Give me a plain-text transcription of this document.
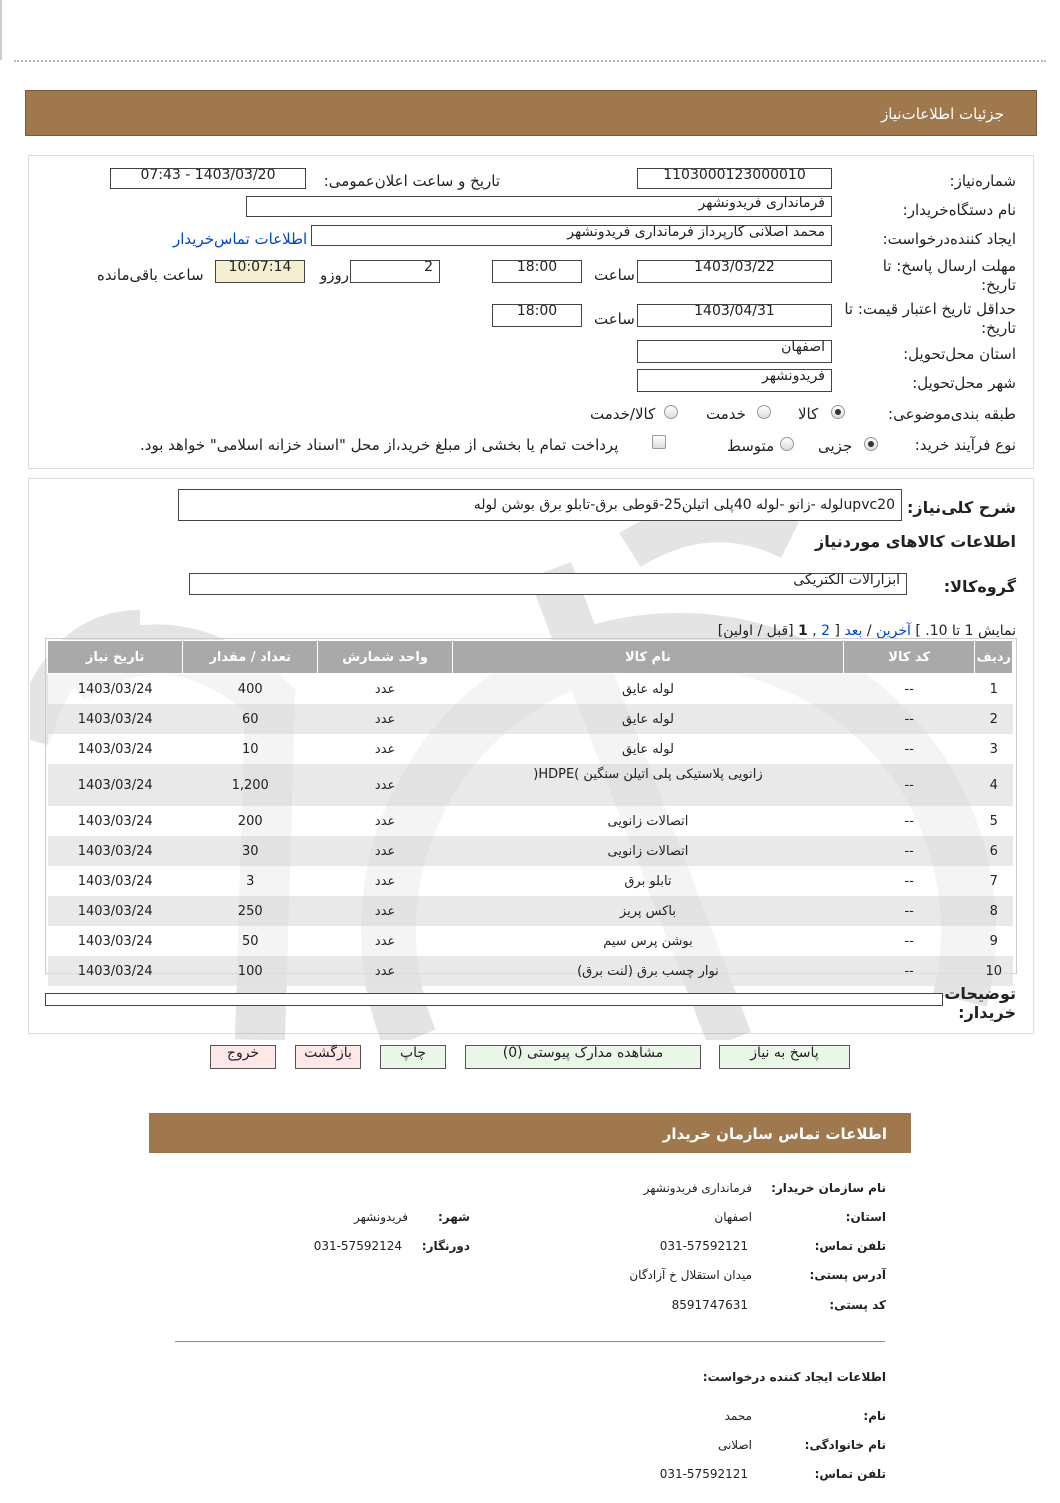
جزئیات اطلاعات‌نیاز
شماره‌نیاز:
1103000123000010
تاریخ و ساعت اعلان‌عمومی:
1403/03/20 - 07:43
نام دستگاه‌خریدار:
فرمانداری فریدونشهر
ایجاد کننده‌درخواست:
محمد اصلانی کارپرداز فرمانداری فریدونشهر
اطلاعات تماس‌خریدار
مهلت ارسال پاسخ: تا تاریخ:
1403/03/22
ساعت
18:00
2
روزو
10:07:14
ساعت باقی‌مانده
حداقل تاریخ اعتبار قیمت: تا تاریخ:
1403/04/31
ساعت
18:00
استان محل‌تحویل:
اصفهان
شهر محل‌تحویل:
فریدونشهر
طبقه بندی‌موضوعی:
کالا
خدمت
کالا/خدمت
نوع فرآیند خرید:
جزیی
متوسط
پرداخت تمام یا بخشی از مبلغ خرید،از محل "اسناد خزانه اسلامی" خواهد بود.
شرح کلی‌نیاز:
upvc20لوله -زانو -لوله 40پلی اتیلن25-قوطی برق-تابلو برق بوشن لوله
اطلاعات کالاهای موردنیاز
گروه‌کالا:
ابزارالات الکتریکی
نمایش 1 تا 10. ] آخرین / بعد [ 2 , 1 [قبل / اولین]
ردیف	کد کالا	نام کالا	واحد شمارش	تعداد / مقدار	تاریخ نیاز
1	--	لوله عایق	عدد	400	1403/03/24
2	--	لوله عایق	عدد	60	1403/03/24
3	--	لوله عایق	عدد	10	1403/03/24
4	--	زانویی پلاستیکی پلی اتیلن سنگین )HDPE(	عدد	1,200	1403/03/24
5	--	اتصالات زانویی	عدد	200	1403/03/24
6	--	اتصالات زانویی	عدد	30	1403/03/24
7	--	تابلو برق	عدد	3	1403/03/24
8	--	باکس پریز	عدد	250	1403/03/24
9	--	بوشن پرس سیم	عدد	50	1403/03/24
10	--	نوار چسب برق (لنت برق)	عدد	100	1403/03/24
توضیحات خریدار:
پاسخ به نیاز
مشاهده مدارک پیوستی (0)
چاپ
بازگشت
خروج
اطلاعات تماس سازمان خریدار
نام سازمان خریدار:
فرمانداری فریدونشهر
استان:
اصفهان
شهر:
فریدونشهر
تلفن تماس:
031-57592121
دورنگار:
031-57592124
آدرس پستی:
میدان استقلال خ آزادگان
کد پستی:
8591747631
اطلاعات ایجاد کننده درخواست:
نام:
محمد
نام خانوادگی:
اصلانی
تلفن تماس:
031-57592121
